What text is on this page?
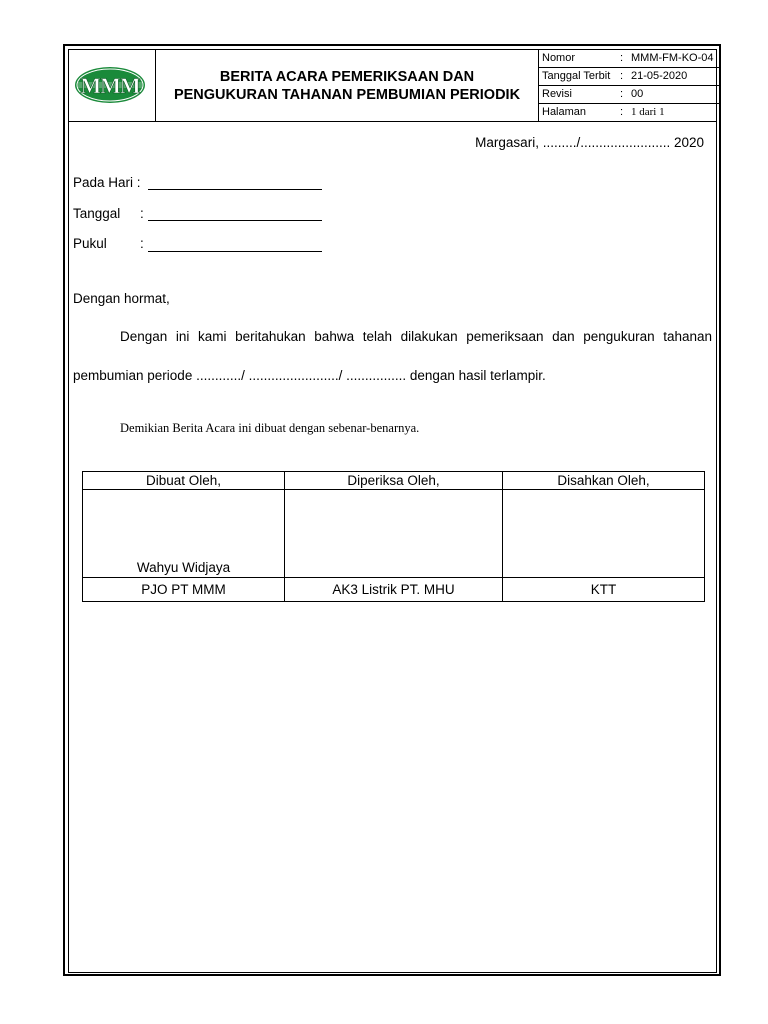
MMM	BERITA ACARA PEMERIKSAAN DAN
PENGUKURAN TAHANAN PEMBUMIAN PERIODIK
Nomor	: MMM-FM-KO-04
Tanggal Terbit : 21-05-2020
Revisi	: 00
Halaman	: 1 dari 1
Margasari, ........./........................ 2020
Pada Hari :
Tanggal :
Pukul :
Dengan hormat,
Dengan ini kami beritahukan bahwa telah dilakukan pemeriksaan dan pengukuran tahanan
pembumian periode ............/ ......................../ ................ dengan hasil terlampir.
Demikian Berita Acara ini dibuat dengan sebenar-benarnya.
Dibuat Oleh,	Diperiksa Oleh,	Disahkan Oleh,

Wahyu Widjaya		

PJO PT MMM	AK3 Listrik PT. MHU	KTT
